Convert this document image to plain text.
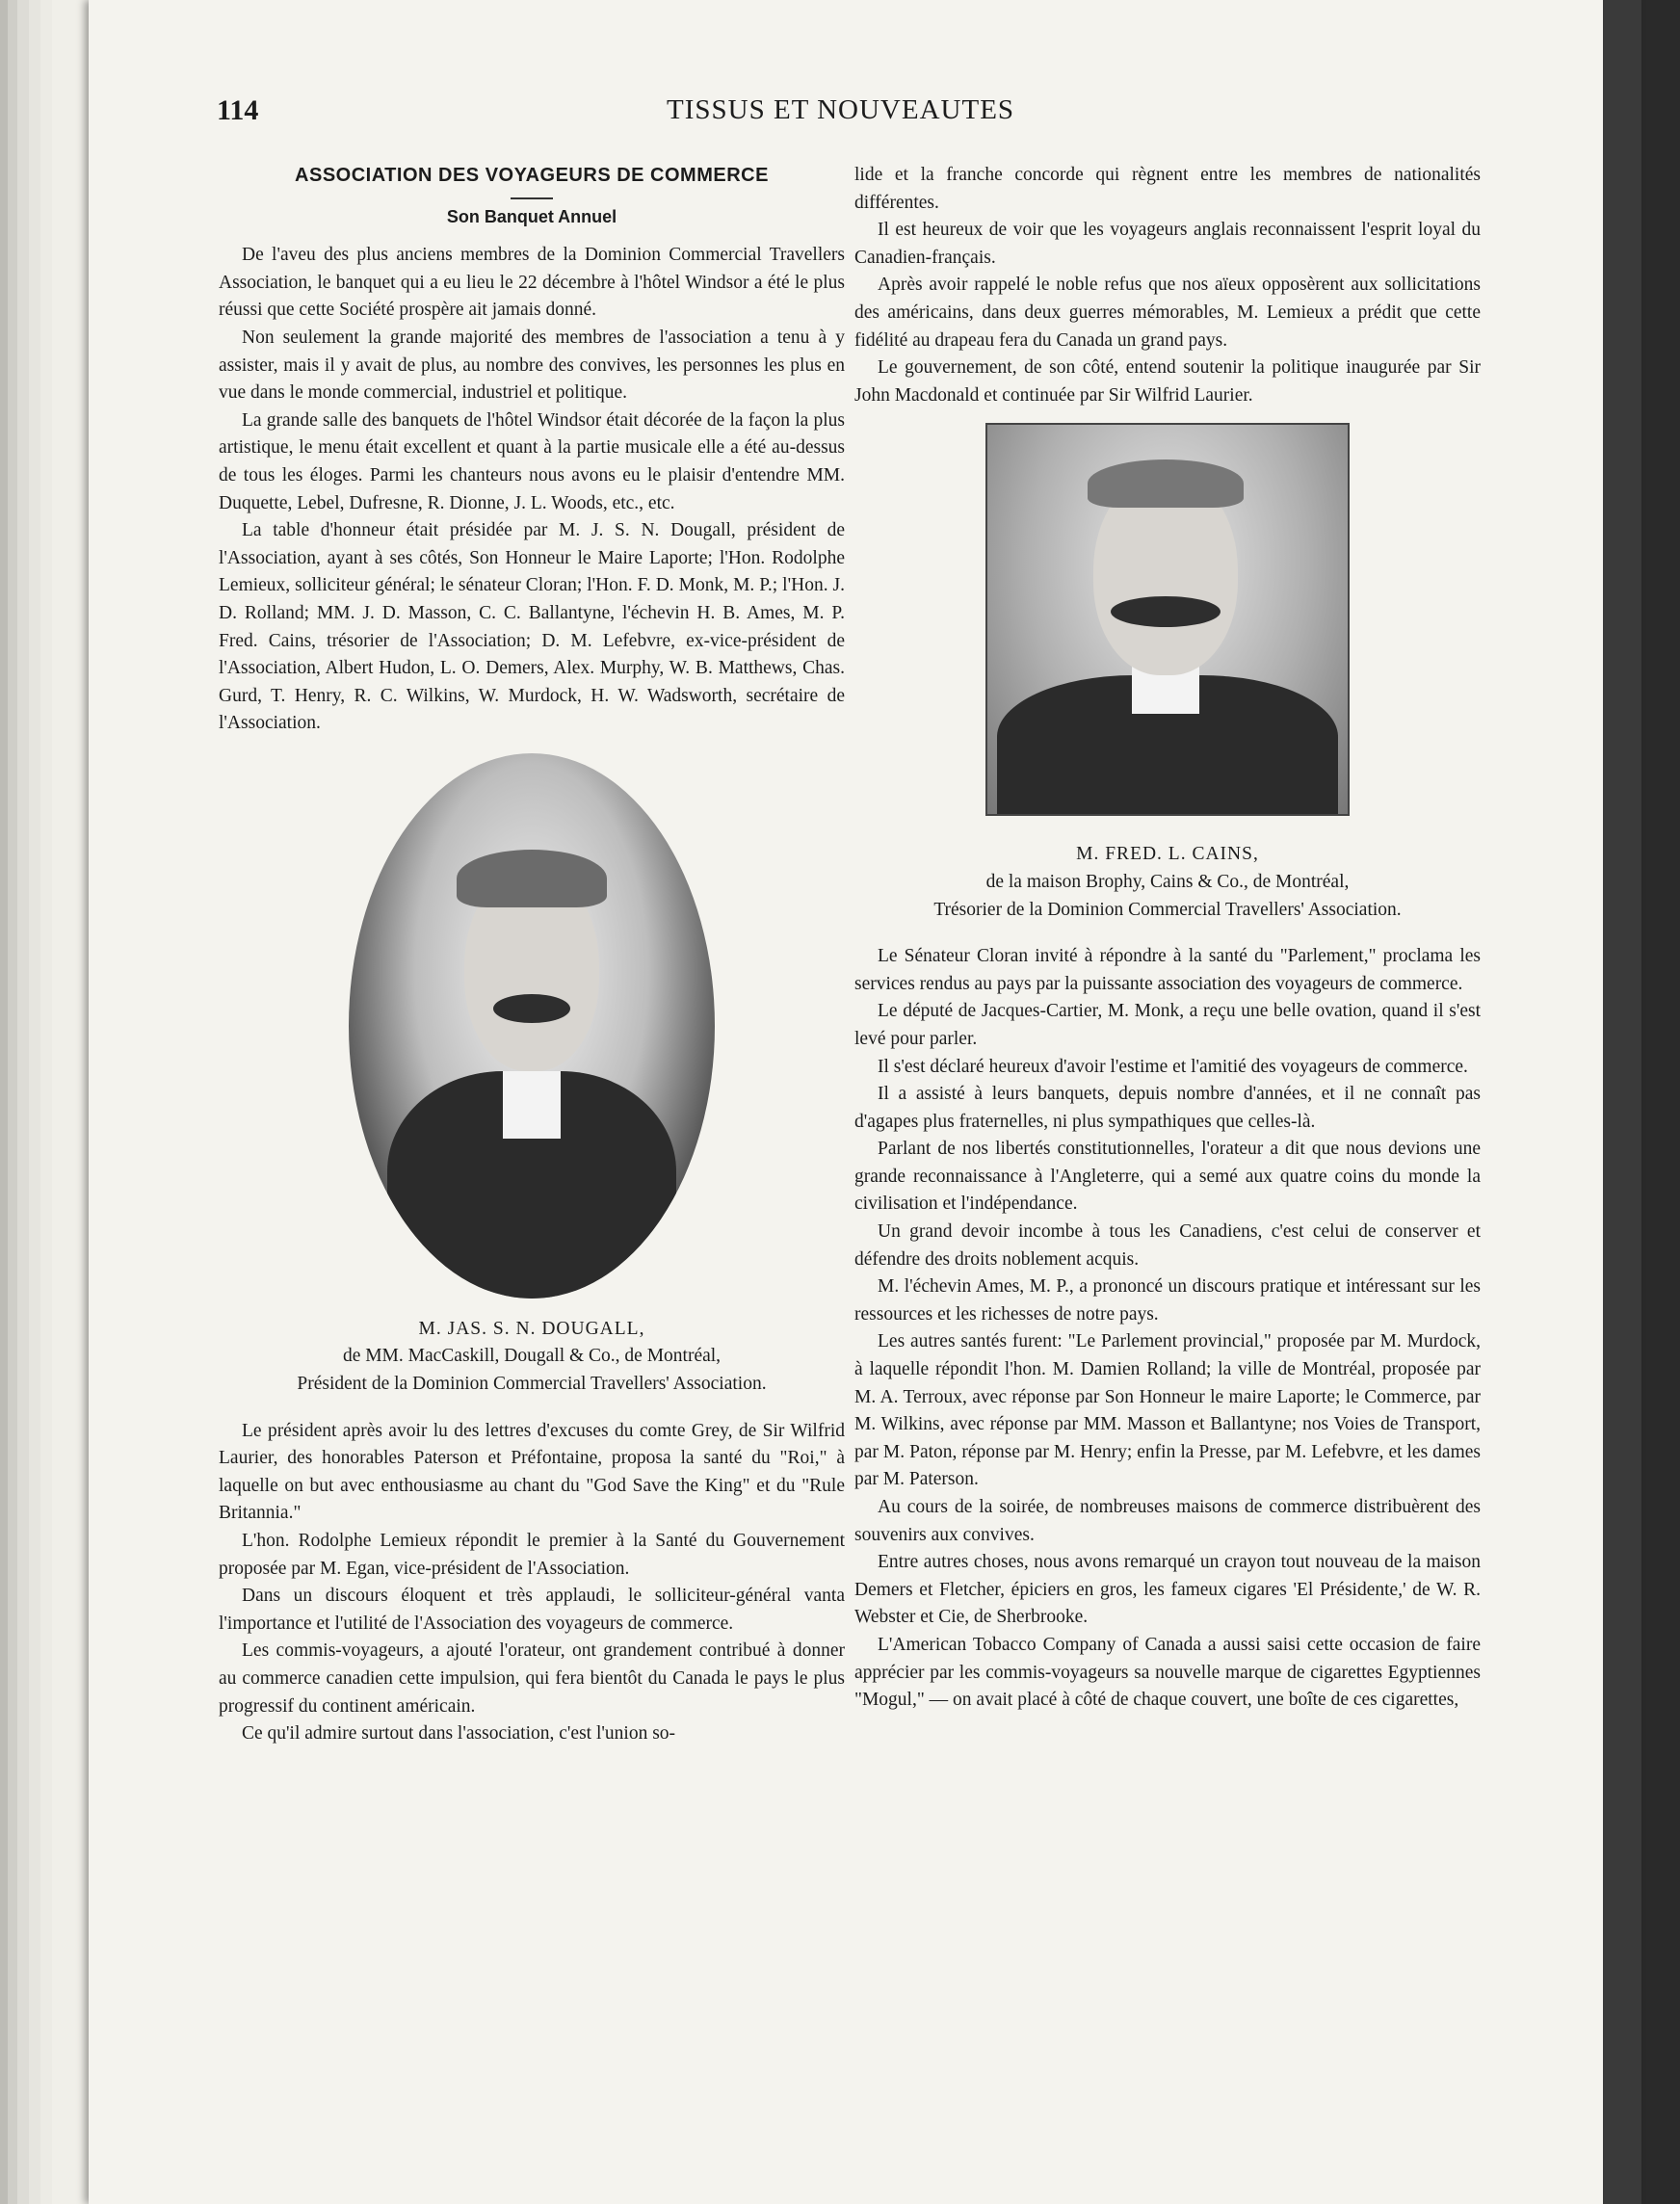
114	TISSUS ET NOUVEAUTES
ASSOCIATION DES VOYAGEURS DE COMMERCE
Son Banquet Annuel

De l'aveu des plus anciens membres de la Dominion Commercial Travellers Association, le banquet qui a eu lieu le 22 décembre à l'hôtel Windsor a été le plus réussi que cette Société prospère ait jamais donné.

Non seulement la grande majorité des membres de l'association a tenu à y assister, mais il y avait de plus, au nombre des convives, les personnes les plus en vue dans le monde commercial, industriel et politique.

La grande salle des banquets de l'hôtel Windsor était décorée de la façon la plus artistique, le menu était excellent et quant à la partie musicale elle a été au-dessus de tous les éloges. Parmi les chanteurs nous avons eu le plaisir d'entendre MM. Duquette, Lebel, Dufresne, R. Dionne, J. L. Woods, etc., etc.

La table d'honneur était présidée par M. J. S. N. Dougall, président de l'Association, ayant à ses côtés, Son Honneur le Maire Laporte; l'Hon. Rodolphe Lemieux, solliciteur général; le sénateur Cloran; l'Hon. F. D. Monk, M. P.; l'Hon. J. D. Rolland; MM. J. D. Masson, C. C. Ballantyne, l'échevin H. B. Ames, M. P. Fred. Cains, trésorier de l'Association; D. M. Lefebvre, ex-vice-président de l'Association, Albert Hudon, L. O. Demers, Alex. Murphy, W. B. Matthews, Chas. Gurd, T. Henry, R. C. Wilkins, W. Murdock, H. W. Wadsworth, secrétaire de l'Association.

M. JAS. S. N. DOUGALL,

de MM. MacCaskill, Dougall & Co., de Montréal,

Président de la Dominion Commercial Travellers' Association.

Le président après avoir lu des lettres d'excuses du comte Grey, de Sir Wilfrid Laurier, des honorables Paterson et Préfontaine, proposa la santé du "Roi," à laquelle on but avec enthousiasme au chant du "God Save the King" et du "Rule Britannia."

L'hon. Rodolphe Lemieux répondit le premier à la Santé du Gouvernement proposée par M. Egan, vice-président de l'Association.

Dans un discours éloquent et très applaudi, le solliciteur-général vanta l'importance et l'utilité de l'Association des voyageurs de commerce.

Les commis-voyageurs, a ajouté l'orateur, ont grandement contribué à donner au commerce canadien cette impulsion, qui fera bientôt du Canada le pays le plus progressif du continent américain.

Ce qu'il admire surtout dans l'association, c'est l'union so-

lide et la franche concorde qui règnent entre les membres de nationalités différentes.

Il est heureux de voir que les voyageurs anglais reconnaissent l'esprit loyal du Canadien-français.

Après avoir rappelé le noble refus que nos aïeux opposèrent aux sollicitations des américains, dans deux guerres mémorables, M. Lemieux a prédit que cette fidélité au drapeau fera du Canada un grand pays.

Le gouvernement, de son côté, entend soutenir la politique inaugurée par Sir John Macdonald et continuée par Sir Wilfrid Laurier.

M. FRED. L. CAINS,

de la maison Brophy, Cains & Co., de Montréal,

Trésorier de la Dominion Commercial Travellers' Association.

Le Sénateur Cloran invité à répondre à la santé du "Parlement," proclama les services rendus au pays par la puissante association des voyageurs de commerce.

Le député de Jacques-Cartier, M. Monk, a reçu une belle ovation, quand il s'est levé pour parler.

Il s'est déclaré heureux d'avoir l'estime et l'amitié des voyageurs de commerce.

Il a assisté à leurs banquets, depuis nombre d'années, et il ne connaît pas d'agapes plus fraternelles, ni plus sympathiques que celles-là.

Parlant de nos libertés constitutionnelles, l'orateur a dit que nous devions une grande reconnaissance à l'Angleterre, qui a semé aux quatre coins du monde la civilisation et l'indépendance.

Un grand devoir incombe à tous les Canadiens, c'est celui de conserver et défendre des droits noblement acquis.

M. l'échevin Ames, M. P., a prononcé un discours pratique et intéressant sur les ressources et les richesses de notre pays.

Les autres santés furent: "Le Parlement provincial," proposée par M. Murdock, à laquelle répondit l'hon. M. Damien Rolland; la ville de Montréal, proposée par M. A. Terroux, avec réponse par Son Honneur le maire Laporte; le Commerce, par M. Wilkins, avec réponse par MM. Masson et Ballantyne; nos Voies de Transport, par M. Paton, réponse par M. Henry; enfin la Presse, par M. Lefebvre, et les dames par M. Paterson.

Au cours de la soirée, de nombreuses maisons de commerce distribuèrent des souvenirs aux convives.

Entre autres choses, nous avons remarqué un crayon tout nouveau de la maison Demers et Fletcher, épiciers en gros, les fameux cigares 'El Présidente,' de W. R. Webster et Cie, de Sherbrooke.

L'American Tobacco Company of Canada a aussi saisi cette occasion de faire apprécier par les commis-voyageurs sa nouvelle marque de cigarettes Egyptiennes "Mogul," — on avait placé à côté de chaque couvert, une boîte de ces cigarettes,
